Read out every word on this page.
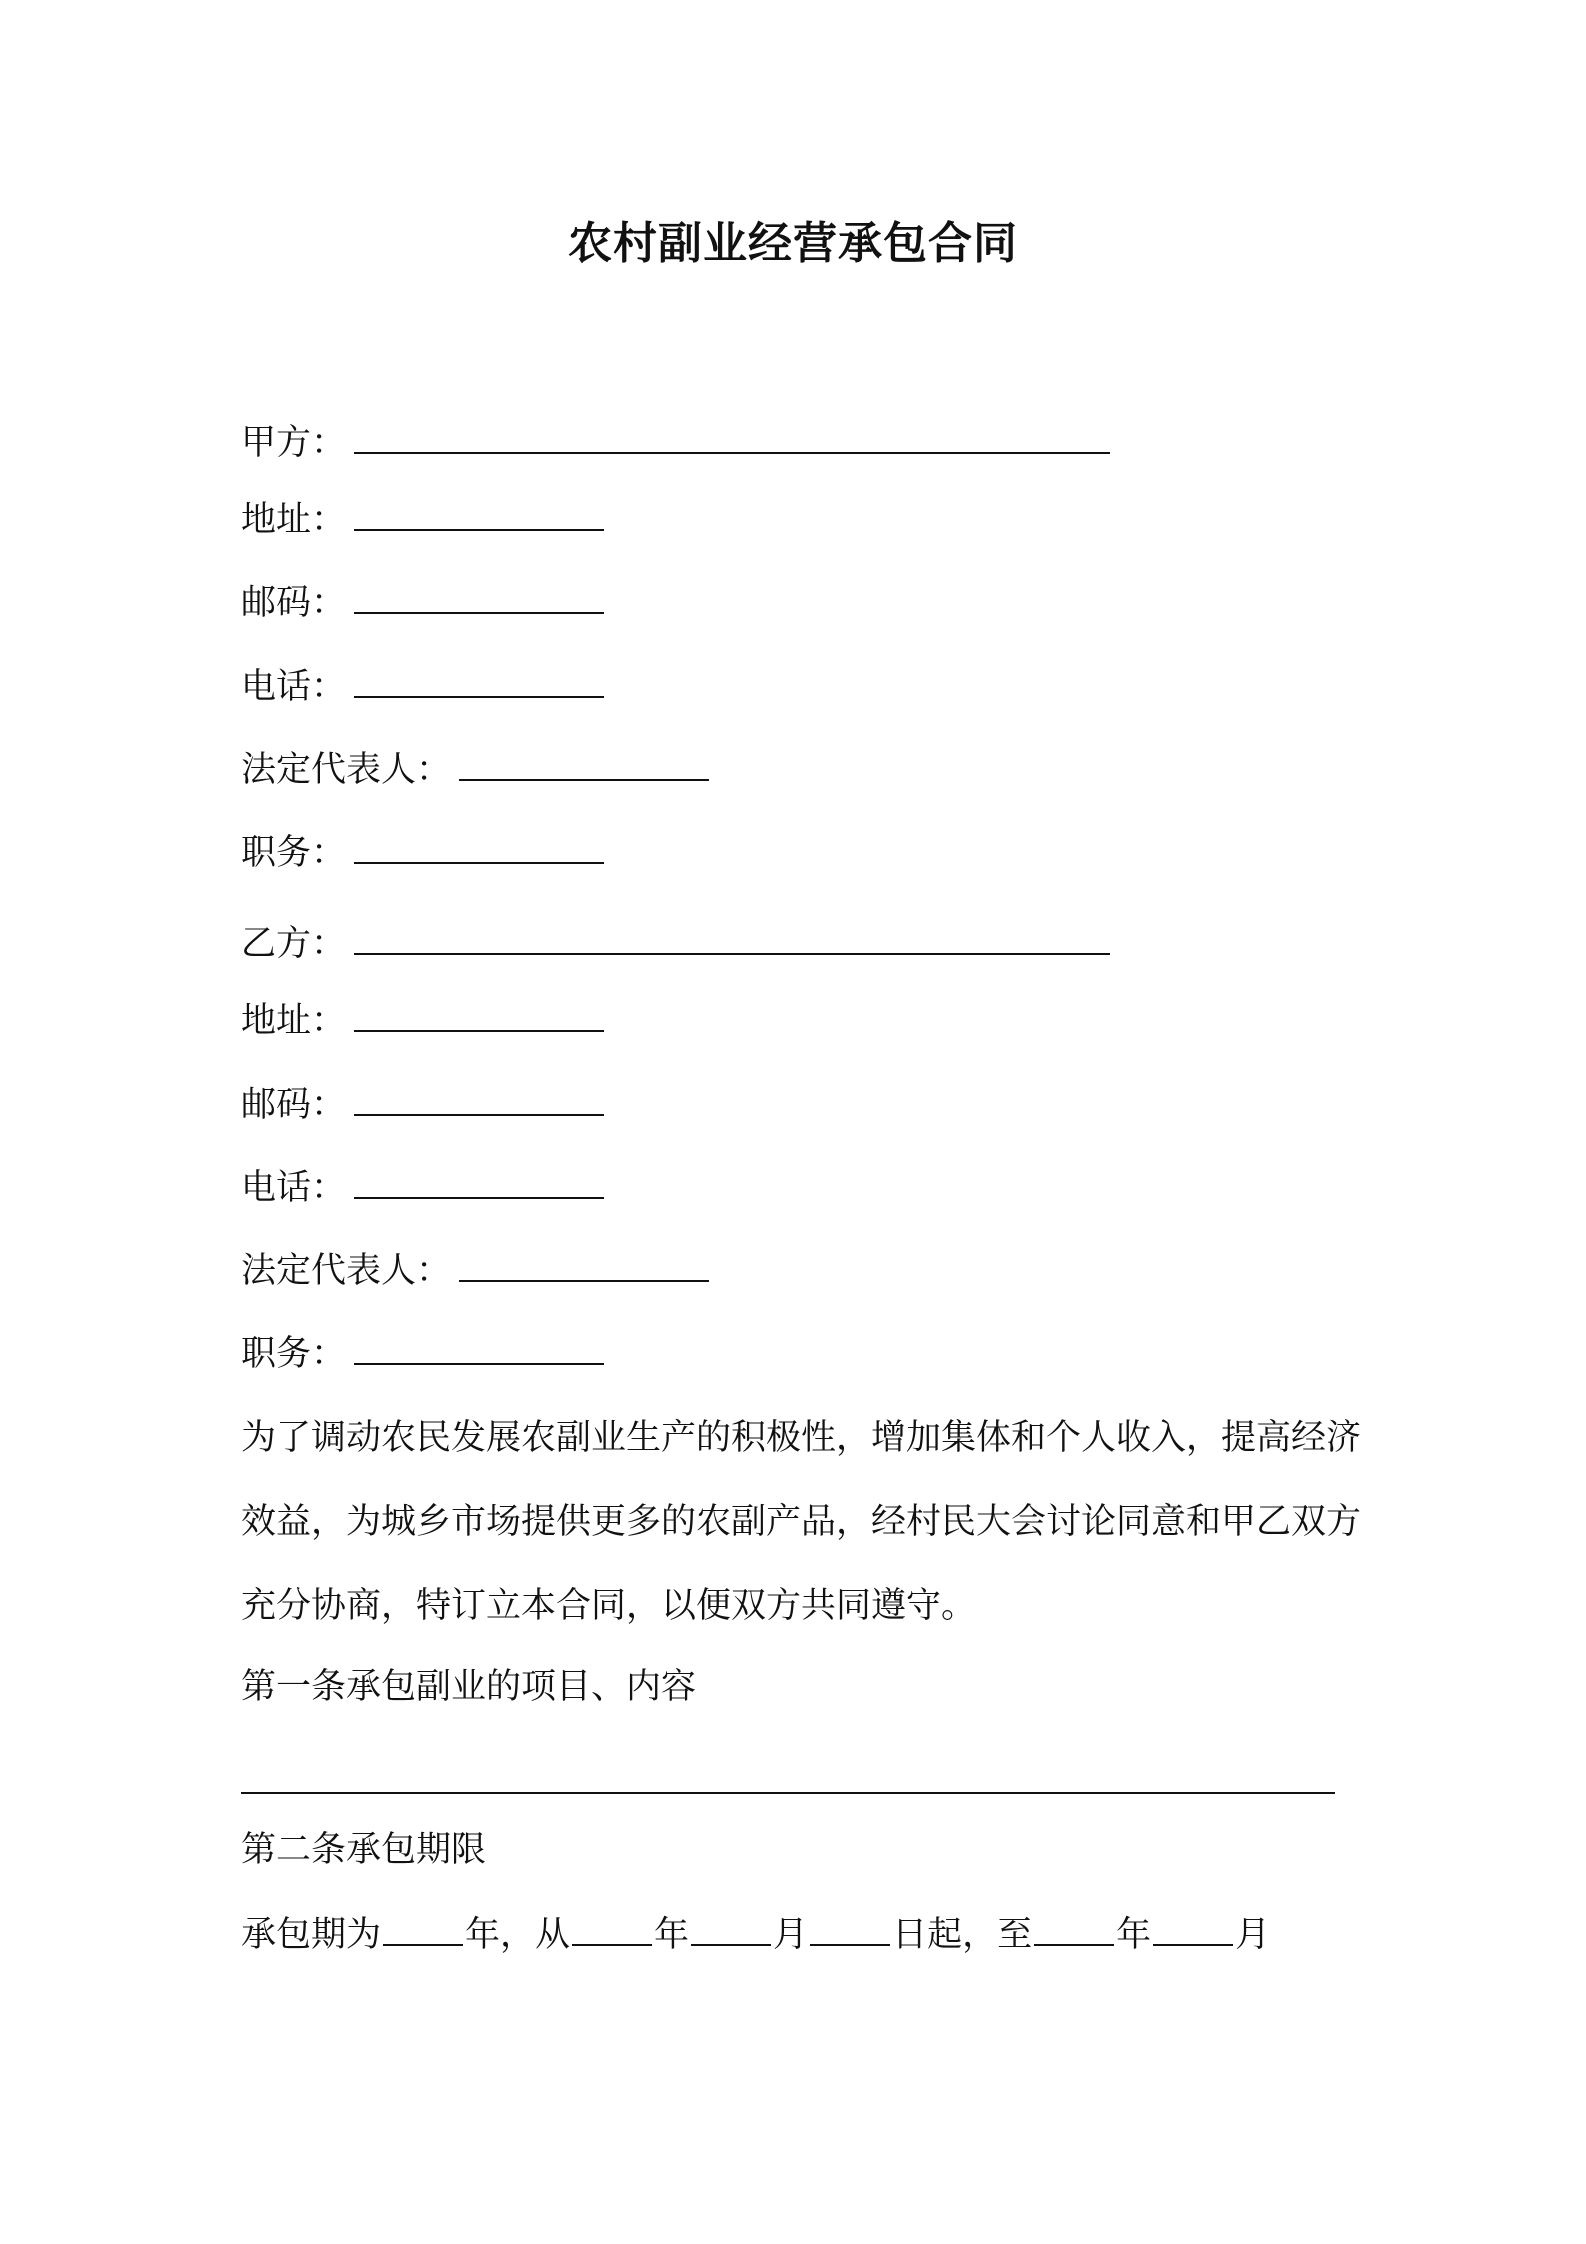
农村副业经营承包合同
甲方：
地址：
邮码：
电话：
法定代表人：
职务：
乙方：
地址：
邮码：
电话：
法定代表人：
职务：
为了调动农民发展农副业生产的积极性，增加集体和个人收入，提高经济效益，为城乡市场提供更多的农副产品，经村民大会讨论同意和甲乙双方充分协商，特订立本合同，以便双方共同遵守。
第一条承包副业的项目、内容
第二条承包期限
承包期为 年，从 年 月 日起，至 年 月
